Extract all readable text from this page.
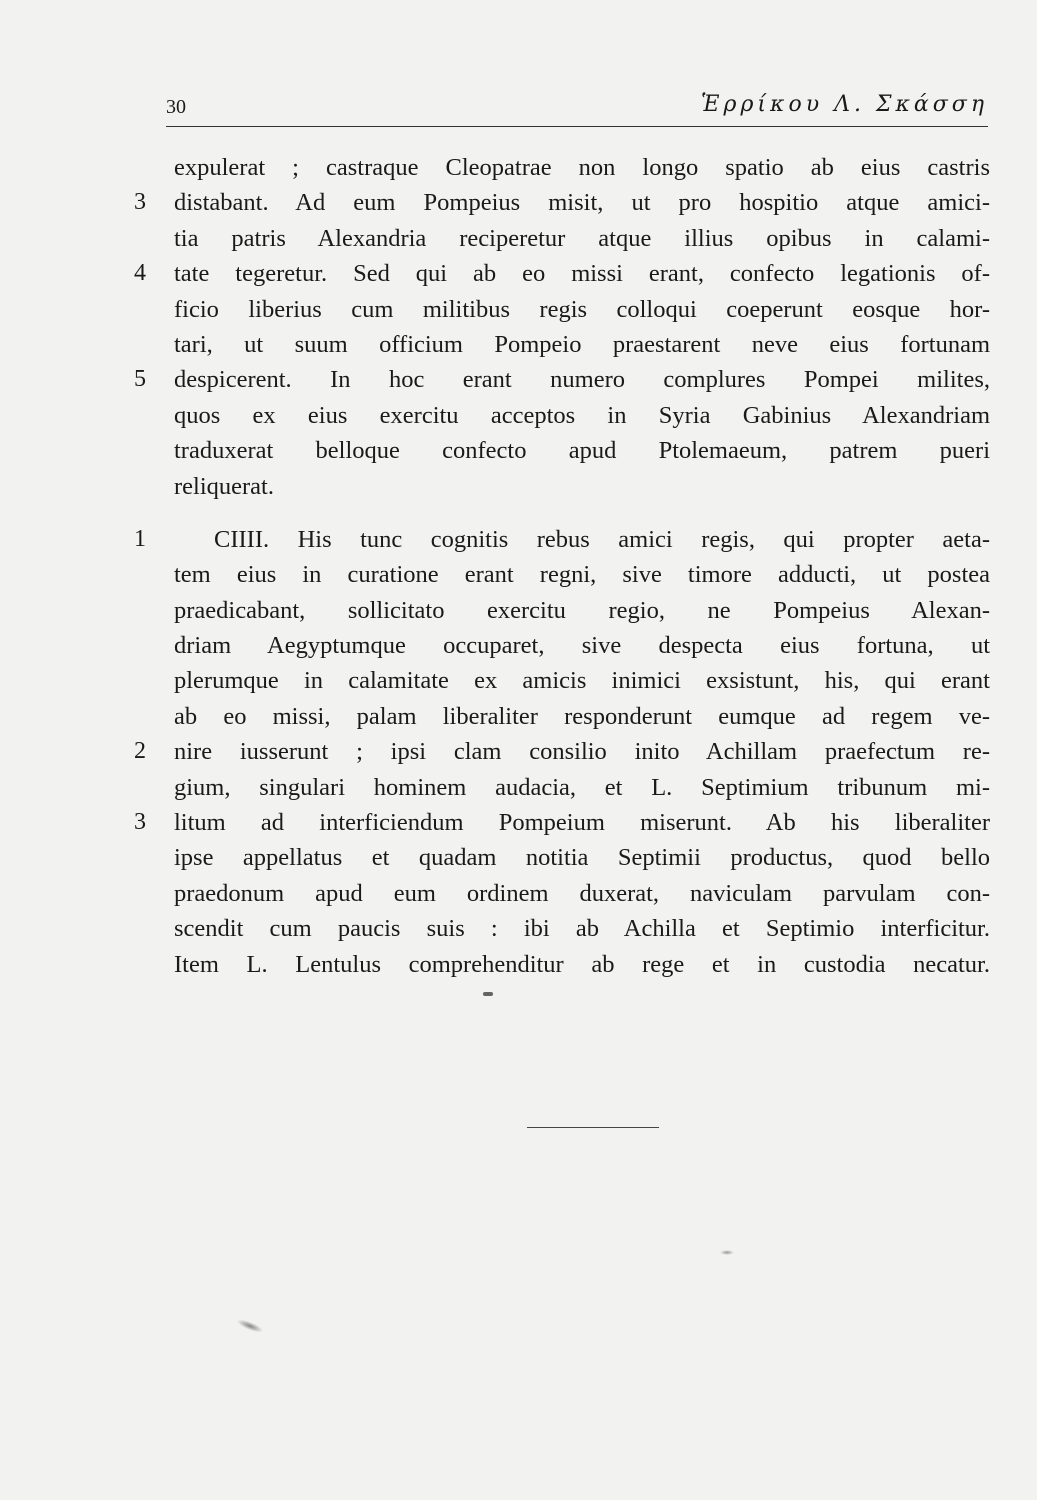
30	Ἑρρίκου Λ. Σκάσση
expulerat ; castraque Cleopatrae non longo spatio ab eius castris
3	distabant. Ad eum Pompeius misit, ut pro hospitio atque amici-
tia patris Alexandria reciperetur atque illius opibus in calami-
4	tate tegeretur. Sed qui ab eo missi erant, confecto legationis of-
ficio liberius cum militibus regis colloqui coeperunt eosque hor-
tari, ut suum officium Pompeio praestarent neve eius fortunam
5	despicerent. In hoc erant numero complures Pompei milites,
quos ex eius exercitu acceptos in Syria Gabinius Alexandriam
traduxerat belloque confecto apud Ptolemaeum, patrem pueri
reliquerat.
1	CIIII. His tunc cognitis rebus amici regis, qui propter aeta-
tem eius in curatione erant regni, sive timore adducti, ut postea
praedicabant, sollicitato exercitu regio, ne Pompeius Alexan-
driam Aegyptumque occuparet, sive despecta eius fortuna, ut
plerumque in calamitate ex amicis inimici exsistunt, his, qui erant
ab eo missi, palam liberaliter responderunt eumque ad regem ve-
2	nire iusserunt ; ipsi clam consilio inito Achillam praefectum re-
gium, singulari hominem audacia, et L. Septimium tribunum mi-
3	litum ad interficiendum Pompeium miserunt. Ab his liberaliter
ipse appellatus et quadam notitia Septimii productus, quod bello
praedonum apud eum ordinem duxerat, naviculam parvulam con-
scendit cum paucis suis : ibi ab Achilla et Septimio interficitur.
Item L. Lentulus comprehenditur ab rege et in custodia necatur.
